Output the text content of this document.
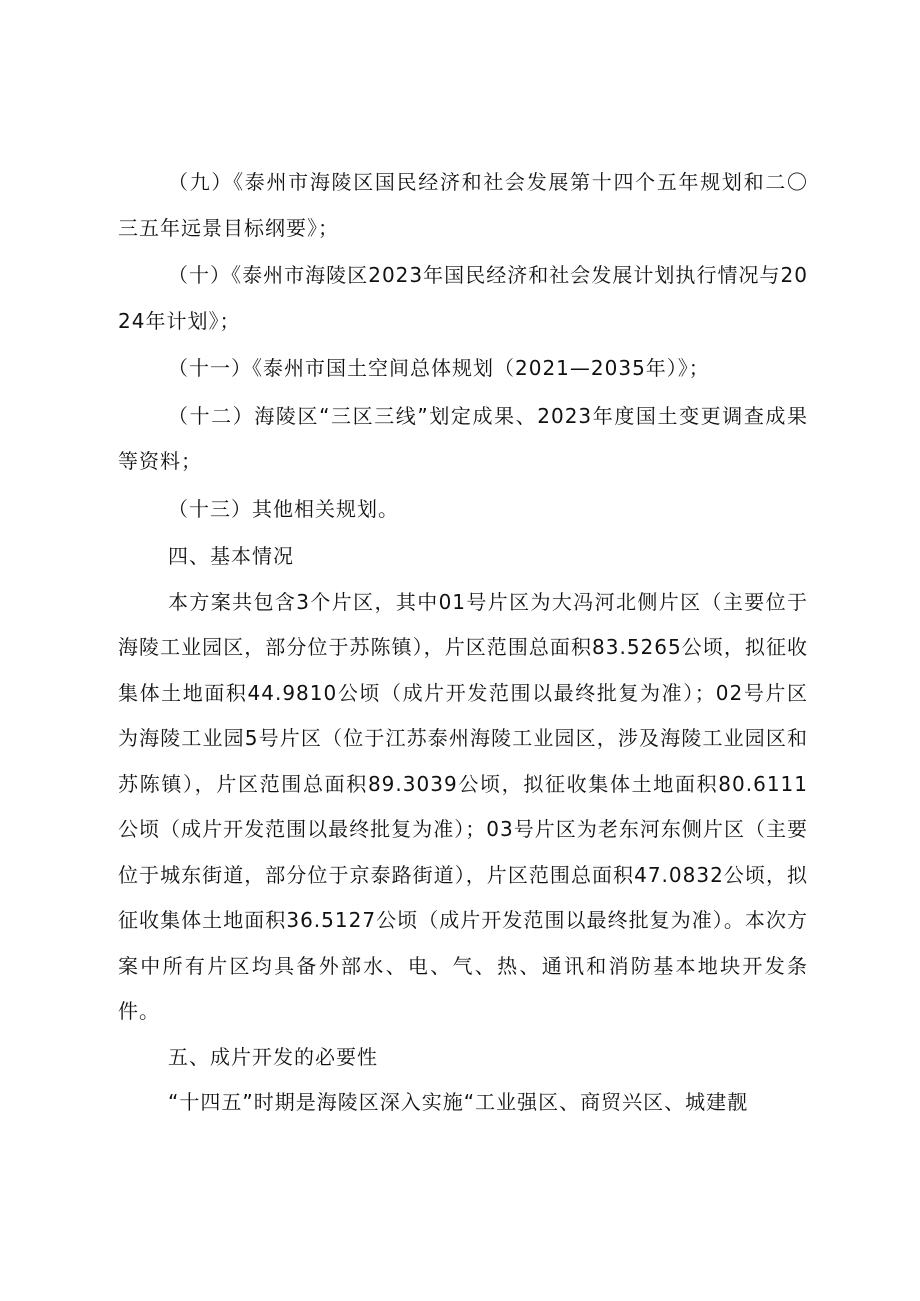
（九）《泰州市海陵区国民经济和社会发展第十四个五年规划和二〇三五年远景目标纲要》；

（十）《泰州市海陵区2023年国民经济和社会发展计划执行情况与2024年计划》；

（十一）《泰州市国土空间总体规划（2021—2035年）》；

（十二）海陵区“三区三线”划定成果、2023年度国土变更调查成果等资料；

（十三）其他相关规划。

四、基本情况

本方案共包含3个片区，其中01号片区为大冯河北侧片区（主要位于海陵工业园区，部分位于苏陈镇），片区范围总面积83.5265公顷，拟征收集体土地面积44.9810公顷（成片开发范围以最终批复为准）；02号片区为海陵工业园5号片区（位于江苏泰州海陵工业园区，涉及海陵工业园区和苏陈镇），片区范围总面积89.3039公顷，拟征收集体土地面积80.6111公顷（成片开发范围以最终批复为准）；03号片区为老东河东侧片区（主要位于城东街道，部分位于京泰路街道），片区范围总面积47.0832公顷，拟征收集体土地面积36.5127公顷（成片开发范围以最终批复为准）。本次方案中所有片区均具备外部水、电、气、热、通讯和消防基本地块开发条件。

五、成片开发的必要性

“十四五”时期是海陵区深入实施“工业强区、商贸兴区、城建靓
